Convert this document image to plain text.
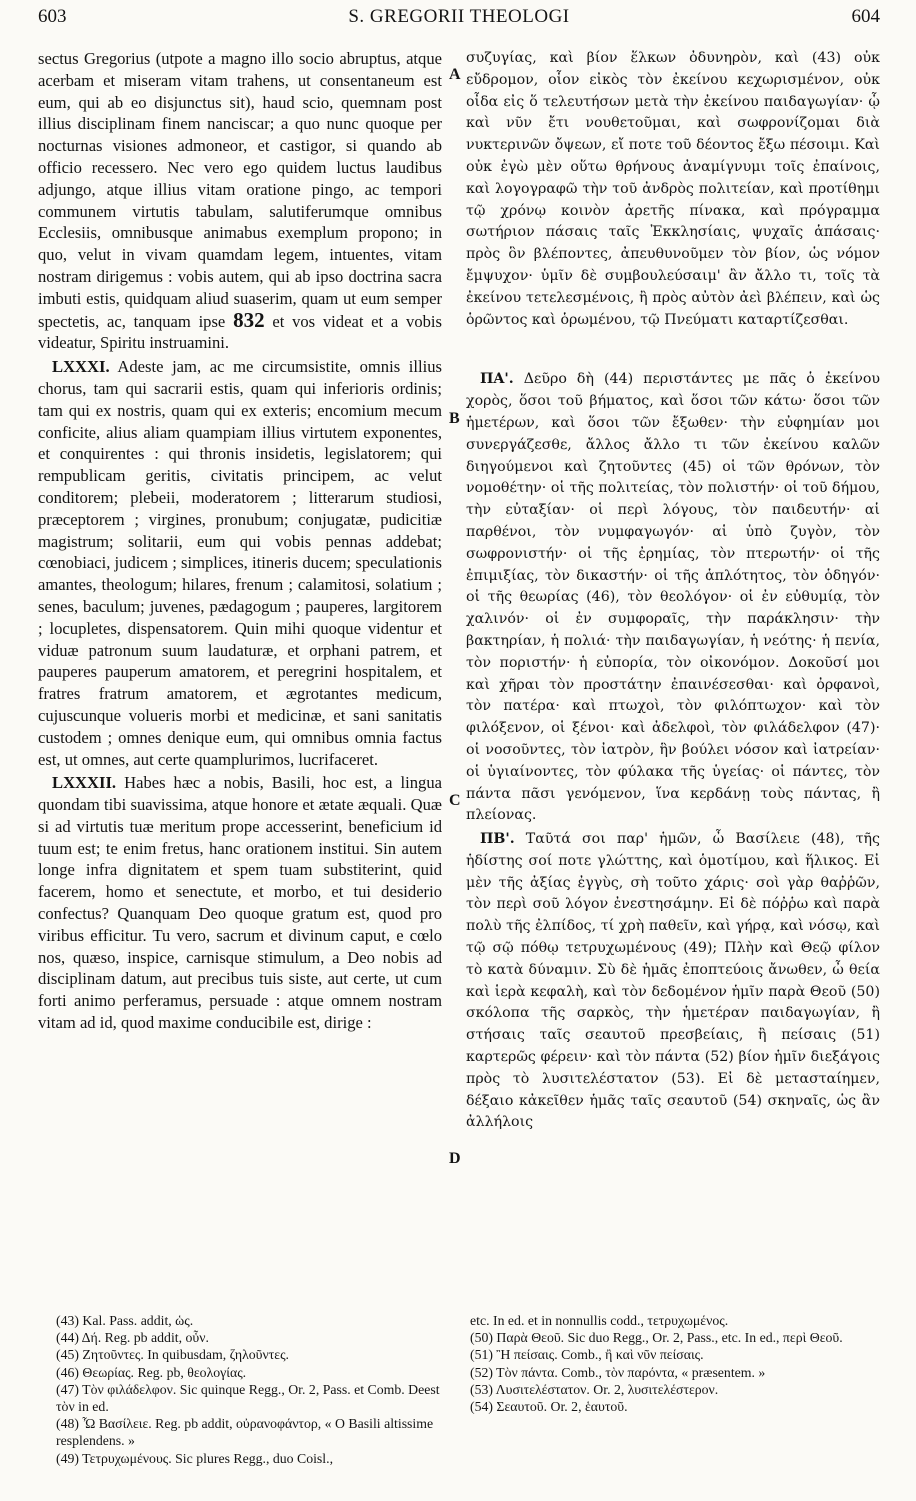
603	S. GREGORII THEOLOGI	604
A
B
C
D

sectus Gregorius (utpote a magno illo socio abruptus, atque acerbam et miseram vitam trahens, ut consentaneum est eum, qui ab eo disjunctus sit), haud scio, quemnam post illius disciplinam finem nanciscar; a quo nunc quoque per nocturnas visiones admoneor, et castigor, si quando ab officio recessero. Nec vero ego quidem luctus laudibus adjungo, atque illius vitam oratione pingo, ac tempori communem virtutis tabulam, salutiferumque omnibus Ecclesiis, omnibusque animabus exemplum propono; in quo, velut in vivam quamdam legem, intuentes, vitam nostram dirigemus : vobis autem, qui ab ipso doctrina sacra imbuti estis, quidquam aliud suaserim, quam ut eum semper spectetis, ac, tanquam ipse 832 et vos videat et a vobis videatur, Spiritu instruamini.

LXXXI. Adeste jam, ac me circumsistite, omnis illius chorus, tam qui sacrarii estis, quam qui inferioris ordinis; tam qui ex nostris, quam qui ex exteris; encomium mecum conficite, alius aliam quampiam illius virtutem exponentes, et conquirentes : qui thronis insidetis, legislatorem; qui rempublicam geritis, civitatis principem, ac velut conditorem; plebeii, moderatorem ; litterarum studiosi, præceptorem ; virgines, pronubum; conjugatæ, pudicitiæ magistrum; solitarii, eum qui vobis pennas addebat; cœnobiaci, judicem ; simplices, itineris ducem; speculationis amantes, theologum; hilares, frenum ; calamitosi, solatium ; senes, baculum; juvenes, pædagogum ; pauperes, largitorem ; locupletes, dispensatorem. Quin mihi quoque videntur et viduæ patronum suum laudaturæ, et orphani patrem, et pauperes pauperum amatorem, et peregrini hospitalem, et fratres fratrum amatorem, et ægrotantes medicum, cujuscunque volueris morbi et medicinæ, et sani sanitatis custodem ; omnes denique eum, qui omnibus omnia factus est, ut omnes, aut certe quamplurimos, lucrifaceret.

LXXXII. Habes hæc a nobis, Basili, hoc est, a lingua quondam tibi suavissima, atque honore et ætate æquali. Quæ si ad virtutis tuæ meritum prope accesserint, beneficium id tuum est; te enim fretus, hanc orationem institui. Sin autem longe infra dignitatem et spem tuam substiterint, quid facerem, homo et senectute, et morbo, et tui desiderio confectus? Quanquam Deo quoque gratum est, quod pro viribus efficitur. Tu vero, sacrum et divinum caput, e cœlo nos, quæso, inspice, carnisque stimulum, a Deo nobis ad disciplinam datum, aut precibus tuis siste, aut certe, ut cum forti animo perferamus, persuade : atque omnem nostram vitam ad id, quod maxime conducibile est, dirige :

συζυγίας, καὶ βίον ἕλκων ὀδυνηρὸν, καὶ (43) οὐκ εὔδρομον, οἷον εἰκὸς τὸν ἐκείνου κεχωρισμένον, οὐκ οἶδα εἰς ὅ τελευτήσων μετὰ τὴν ἐκείνου παιδαγωγίαν· ᾧ καὶ νῦν ἔτι νουθετοῦμαι, καὶ σωφρονίζομαι διὰ νυκτερινῶν ὄψεων, εἴ ποτε τοῦ δέοντος ἔξω πέσοιμι. Καὶ οὐκ ἐγὼ μὲν οὕτω θρήνους ἀναμίγνυμι τοῖς ἐπαίνοις, καὶ λογογραφῶ τὴν τοῦ ἀνδρὸς πολιτείαν, καὶ προτίθημι τῷ χρόνῳ κοινὸν ἀρετῆς πίνακα, καὶ πρόγραμμα σωτήριον πάσαις ταῖς Ἐκκλησίαις, ψυχαῖς ἁπάσαις· πρὸς ὃν βλέποντες, ἀπευθυνοῦμεν τὸν βίον, ὡς νόμον ἔμψυχον· ὑμῖν δὲ συμβουλεύσαιμ' ἂν ἄλλο τι, τοῖς τὰ ἐκείνου τετελεσμένοις, ἢ πρὸς αὐτὸν ἀεὶ βλέπειν, καὶ ὡς ὁρῶντος καὶ ὁρωμένου, τῷ Πνεύματι καταρτίζεσθαι.

ΠΑ'. Δεῦρο δὴ (44) περιστάντες με πᾶς ὁ ἐκείνου χορὸς, ὅσοι τοῦ βήματος, καὶ ὅσοι τῶν κάτω· ὅσοι τῶν ἡμετέρων, καὶ ὅσοι τῶν ἔξωθεν· τὴν εὐφημίαν μοι συνεργάζεσθε, ἄλλος ἄλλο τι τῶν ἐκείνου καλῶν διηγούμενοι καὶ ζητοῦντες (45) οἱ τῶν θρόνων, τὸν νομοθέτην· οἱ τῆς πολιτείας, τὸν πολιστήν· οἱ τοῦ δήμου, τὴν εὐταξίαν· οἱ περὶ λόγους, τὸν παιδευτήν· αἱ παρθένοι, τὸν νυμφαγωγόν· αἱ ὑπὸ ζυγὸν, τὸν σωφρονιστήν· οἱ τῆς ἐρημίας, τὸν πτερωτήν· οἱ τῆς ἐπιμιξίας, τὸν δικαστήν· οἱ τῆς ἁπλότητος, τὸν ὁδηγόν· οἱ τῆς θεωρίας (46), τὸν θεολόγον· οἱ ἐν εὐθυμίᾳ, τὸν χαλινόν· οἱ ἐν συμφοραῖς, τὴν παράκλησιν· τὴν βακτηρίαν, ἡ πολιά· τὴν παιδαγωγίαν, ἡ νεότης· ἡ πενία, τὸν ποριστήν· ἡ εὐπορία, τὸν οἰκονόμον. Δοκοῦσί μοι καὶ χῆραι τὸν προστάτην ἐπαινέσεσθαι· καὶ ὀρφανοὶ, τὸν πατέρα· καὶ πτωχοὶ, τὸν φιλόπτωχον· καὶ τὸν φιλόξενον, οἱ ξένοι· καὶ ἀδελφοὶ, τὸν φιλάδελφον (47)· οἱ νοσοῦντες, τὸν ἰατρὸν, ἣν βούλει νόσον καὶ ἰατρείαν· οἱ ὑγιαίνοντες, τὸν φύλακα τῆς ὑγείας· οἱ πάντες, τὸν πάντα πᾶσι γενόμενον, ἵνα κερδάνῃ τοὺς πάντας, ἢ πλείονας.

ΠΒ'. Ταῦτά σοι παρ' ἡμῶν, ὦ Βασίλειε (48), τῆς ἡδίστης σοί ποτε γλώττης, καὶ ὁμοτίμου, καὶ ἥλικος. Εἰ μὲν τῆς ἀξίας ἐγγὺς, σὴ τοῦτο χάρις· σοὶ γὰρ θαῤῥῶν, τὸν περὶ σοῦ λόγον ἐνεστησάμην. Εἰ δὲ πόῤῥω καὶ παρὰ πολὺ τῆς ἐλπίδος, τί χρὴ παθεῖν, καὶ γήρᾳ, καὶ νόσῳ, καὶ τῷ σῷ πόθῳ τετρυχωμένους (49); Πλὴν καὶ Θεῷ φίλον τὸ κατὰ δύναμιν. Σὺ δὲ ἡμᾶς ἐποπτεύοις ἄνωθεν, ὦ θεία καὶ ἱερὰ κεφαλὴ, καὶ τὸν δεδομένον ἡμῖν παρὰ Θεοῦ (50) σκόλοπα τῆς σαρκὸς, τὴν ἡμετέραν παιδαγωγίαν, ἢ στήσαις ταῖς σεαυτοῦ πρεσβείαις, ἢ πείσαις (51) καρτερῶς φέρειν· καὶ τὸν πάντα (52) βίον ἡμῖν διεξάγοις πρὸς τὸ λυσιτελέστατον (53). Εἰ δὲ μετασταίημεν, δέξαιο κἀκεῖθεν ἡμᾶς ταῖς σεαυτοῦ (54) σκηναῖς, ὡς ἂν ἀλλήλοις

(43) Kal. Pass. addit, ὡς.
(44) Δή. Reg. pb addit, οὖν.
(45) Ζητοῦντες. In quibusdam, ζηλοῦντες.
(46) Θεωρίας. Reg. pb, θεολογίας.
(47) Τὸν φιλάδελφον. Sic quinque Regg., Or. 2, Pass. et Comb. Deest τὸν in ed.
(48) Ὦ Βασίλειε. Reg. pb addit, οὐρανοφάντορ, « O Basili altissime resplendens. »
(49) Τετρυχωμένους. Sic plures Regg., duo Coisl.,
etc. In ed. et in nonnullis codd., τετρυχωμένος.
(50) Παρὰ Θεοῦ. Sic duo Regg., Or. 2, Pass., etc. In ed., περὶ Θεοῦ.
(51) Ἢ πείσαις. Comb., ἢ καὶ νῦν πείσαις.
(52) Τὸν πάντα. Comb., τὸν παρόντα, « præsentem. »
(53) Λυσιτελέστατον. Or. 2, λυσιτελέστερον.
(54) Σεαυτοῦ. Or. 2, ἑαυτοῦ.
